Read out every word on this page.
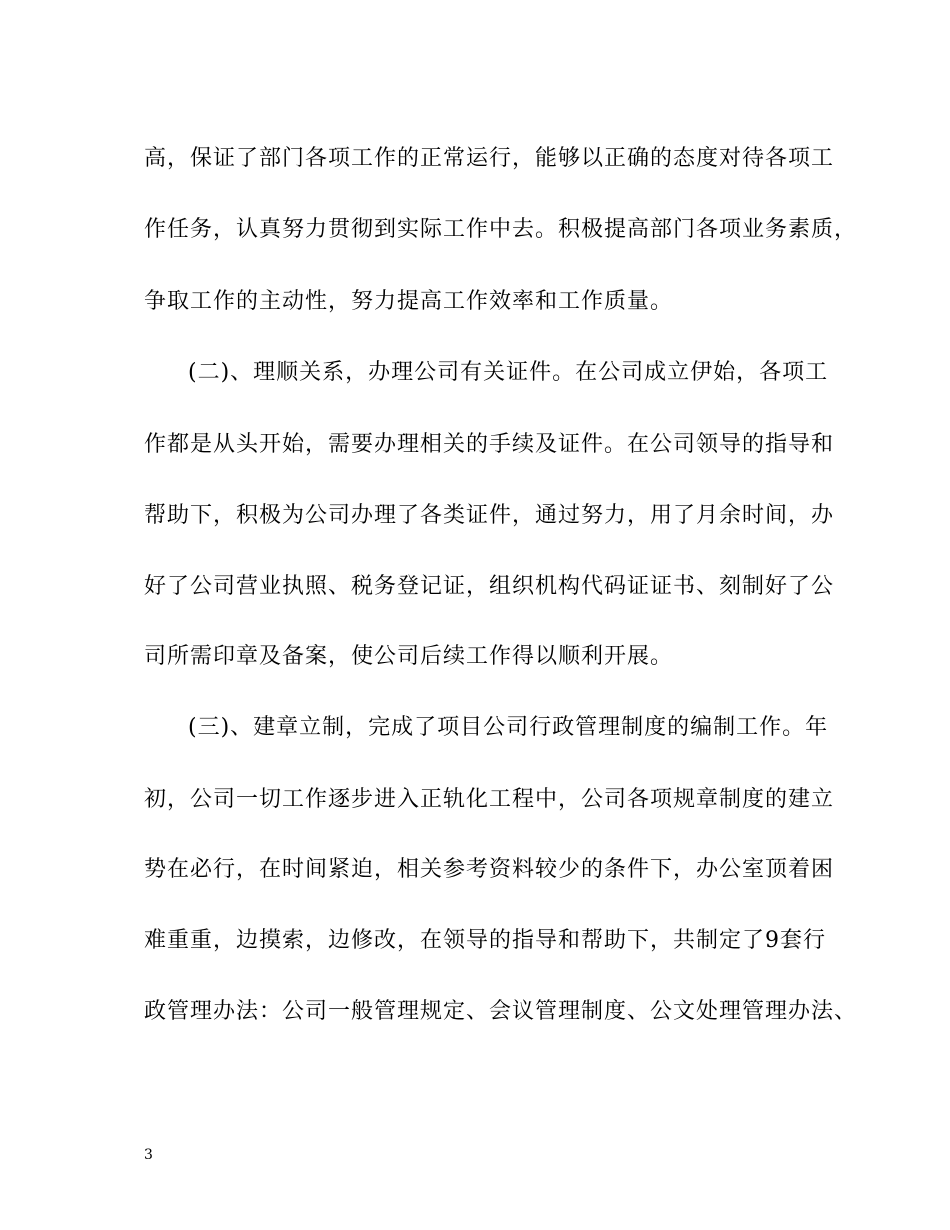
高，保证了部门各项工作的正常运行，能够以正确的态度对待各项工
作任务，认真努力贯彻到实际工作中去。积极提高部门各项业务素质，
争取工作的主动性，努力提高工作效率和工作质量。
(二)、理顺关系，办理公司有关证件。在公司成立伊始，各项工
作都是从头开始，需要办理相关的手续及证件。在公司领导的指导和
帮助下，积极为公司办理了各类证件，通过努力，用了月余时间，办
好了公司营业执照、税务登记证，组织机构代码证证书、刻制好了公
司所需印章及备案，使公司后续工作得以顺利开展。
(三)、建章立制，完成了项目公司行政管理制度的编制工作。年
初，公司一切工作逐步进入正轨化工程中，公司各项规章制度的建立
势在必行，在时间紧迫，相关参考资料较少的条件下，办公室顶着困
难重重，边摸索，边修改，在领导的指导和帮助下，共制定了9套行
政管理办法：公司一般管理规定、会议管理制度、公文处理管理办法、
3
